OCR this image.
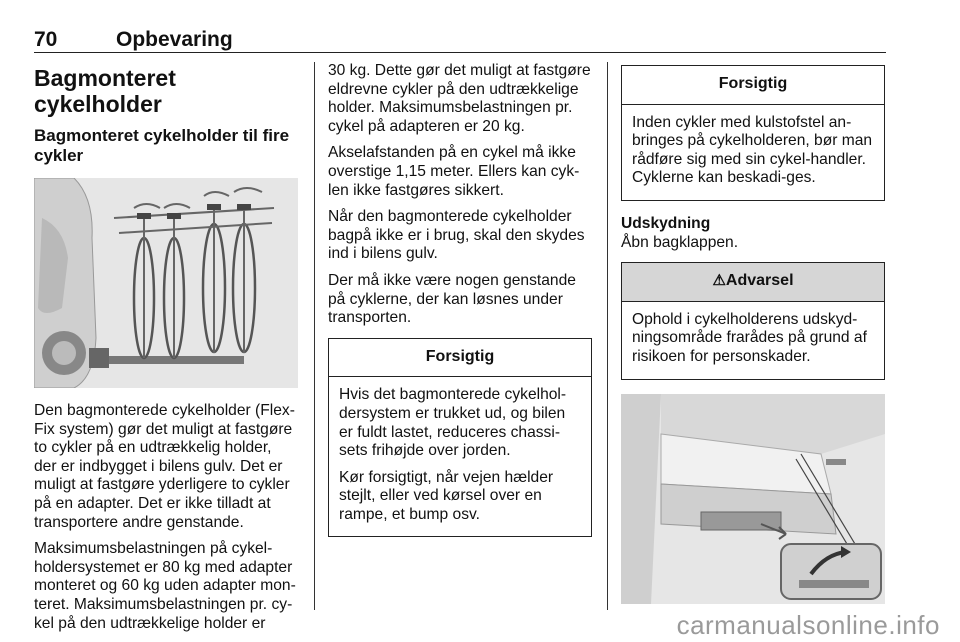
70	Opbevaring
Bagmonteret cykelholder
Bagmonteret cykelholder til fire cykler

Den bagmonterede cykelholder (Flex-Fix system) gør det muligt at fastgøre to cykler på en udtrækkelig holder, der er indbygget i bilens gulv. Det er muligt at fastgøre yderligere to cykler på en adapter. Det er ikke tilladt at transportere andre genstande.

Maksimumsbelastningen på cykel-holdersystemet er 80 kg med adapter monteret og 60 kg uden adapter mon-teret. Maksimumsbelastningen pr. cy-kel på den udtrækkelige holder er

30 kg. Dette gør det muligt at fastgøre eldrevne cykler på den udtrækkelige holder. Maksimumsbelastningen pr. cykel på adapteren er 20 kg.

Akselafstanden på en cykel må ikke overstige 1,15 meter. Ellers kan cyk-len ikke fastgøres sikkert.

Når den bagmonterede cykelholder bagpå ikke er i brug, skal den skydes ind i bilens gulv.

Der må ikke være nogen genstande på cyklerne, der kan løsnes under transporten.

Forsigtig

Hvis det bagmonterede cykelhol-dersystem er trukket ud, og bilen er fuldt lastet, reduceres chassi-sets frihøjde over jorden.

Kør forsigtigt, når vejen hælder stejlt, eller ved kørsel over en rampe, et bump osv.

Forsigtig

Inden cykler med kulstofstel an-bringes på cykelholderen, bør man rådføre sig med sin cykel-handler. Cyklerne kan beskadi-ges.

Udskydning

Åbn bagklappen.

⚠Advarsel

Ophold i cykelholderens udskyd-ningsområde frarådes på grund af risikoen for personskader.

carmanualsonline.info
